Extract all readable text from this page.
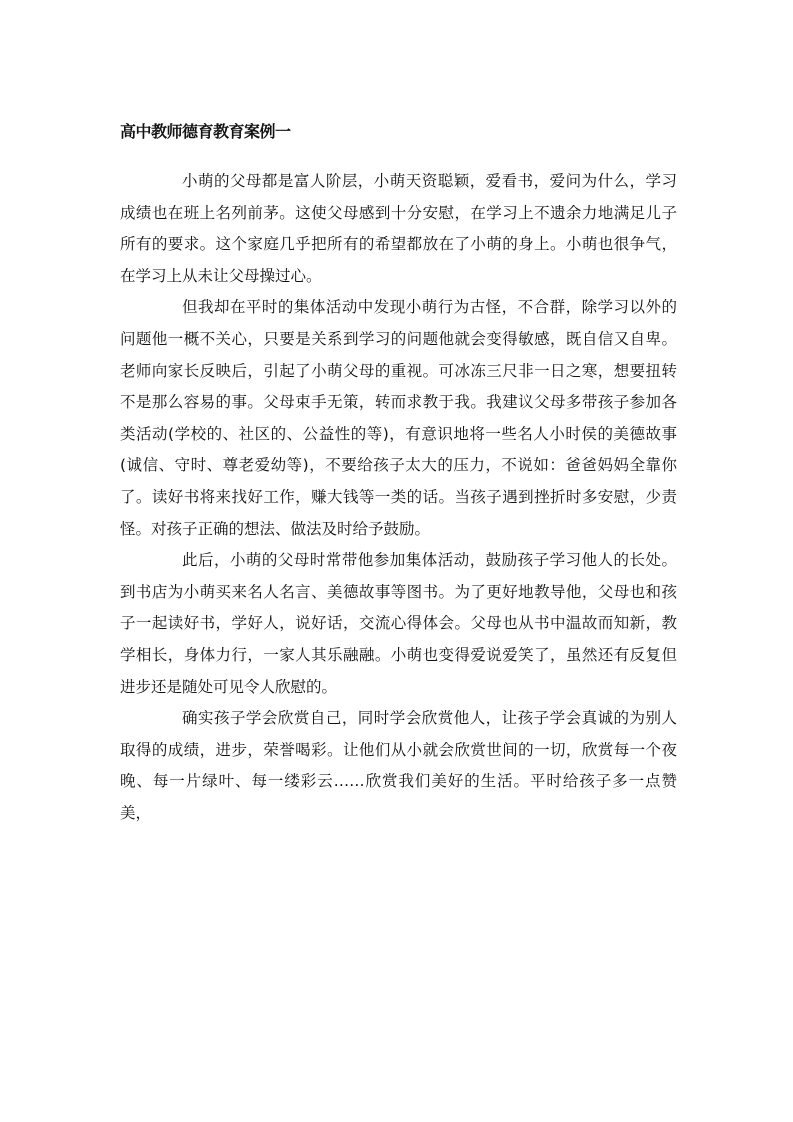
高中教师德育教育案例一

小萌的父母都是富人阶层，小萌天资聪颖，爱看书，爱问为什么，学习成绩也在班上名列前茅。这使父母感到十分安慰，在学习上不遗余力地满足儿子所有的要求。这个家庭几乎把所有的希望都放在了小萌的身上。小萌也很争气，在学习上从未让父母操过心。

但我却在平时的集体活动中发现小萌行为古怪，不合群，除学习以外的问题他一概不关心，只要是关系到学习的问题他就会变得敏感，既自信又自卑。老师向家长反映后，引起了小萌父母的重视。可冰冻三尺非一日之寒，想要扭转不是那么容易的事。父母束手无策，转而求教于我。我建议父母多带孩子参加各类活动(学校的、社区的、公益性的等)，有意识地将一些名人小时侯的美德故事(诚信、守时、尊老爱幼等)，不要给孩子太大的压力，不说如：爸爸妈妈全靠你了。读好书将来找好工作，赚大钱等一类的话。当孩子遇到挫折时多安慰，少责怪。对孩子正确的想法、做法及时给予鼓励。

此后，小萌的父母时常带他参加集体活动，鼓励孩子学习他人的长处。到书店为小萌买来名人名言、美德故事等图书。为了更好地教导他，父母也和孩子一起读好书，学好人，说好话，交流心得体会。父母也从书中温故而知新，教学相长，身体力行，一家人其乐融融。小萌也变得爱说爱笑了，虽然还有反复但进步还是随处可见令人欣慰的。

确实孩子学会欣赏自己，同时学会欣赏他人，让孩子学会真诚的为别人取得的成绩，进步，荣誉喝彩。让他们从小就会欣赏世间的一切，欣赏每一个夜晚、每一片绿叶、每一缕彩云……欣赏我们美好的生活。平时给孩子多一点赞美，
